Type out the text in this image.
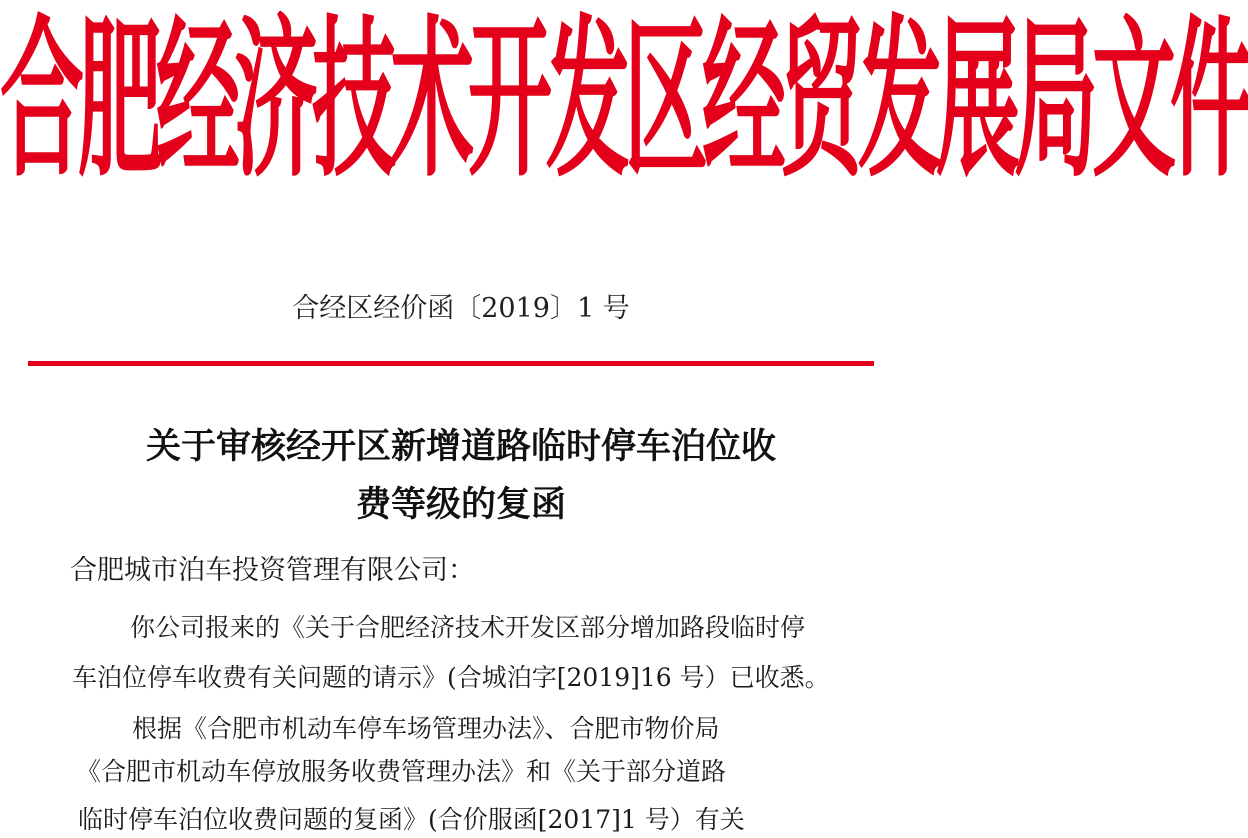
合肥经济技术开发区经贸发展局文件
合经区经价函〔2019〕1 号
关于审核经开区新增道路临时停车泊位收
费等级的复函
合肥城市泊车投资管理有限公司：
你公司报来的《关于合肥经济技术开发区部分增加路段临时停
车泊位停车收费有关问题的请示》(合城泊字[2019]16 号）已收悉。
根据《合肥市机动车停车场管理办法》、合肥市物价局
《合肥市机动车停放服务收费管理办法》和《关于部分道路
临时停车泊位收费问题的复函》(合价服函[2017]1 号）有关
